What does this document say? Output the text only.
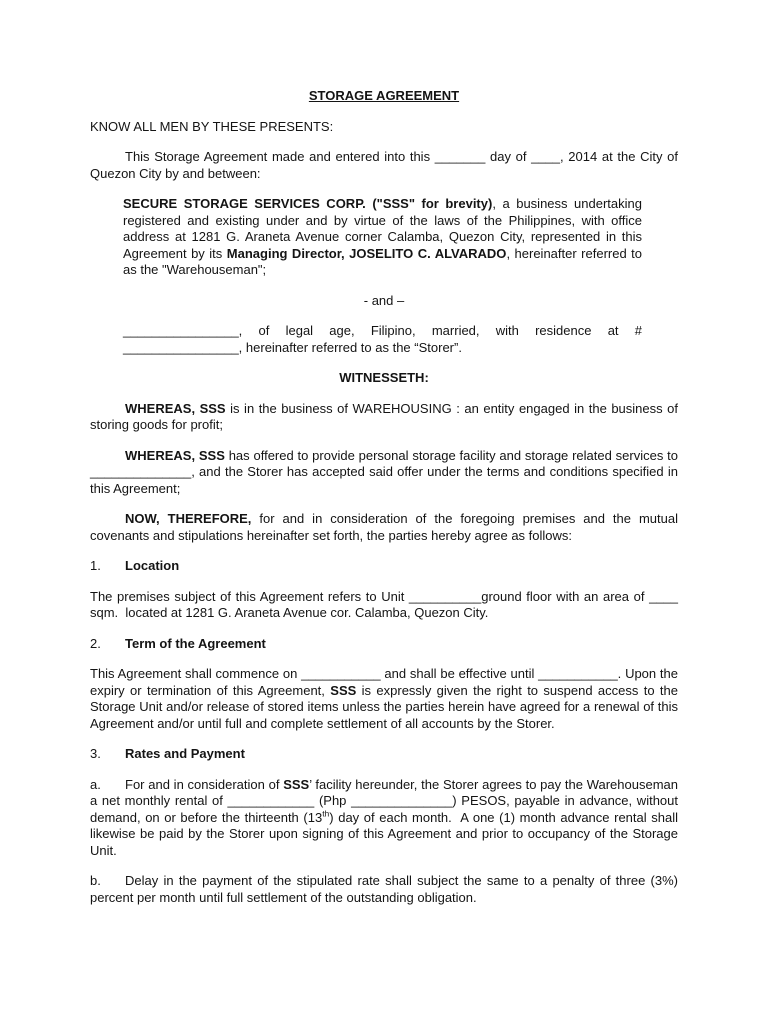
STORAGE AGREEMENT

KNOW ALL MEN BY THESE PRESENTS:

This Storage Agreement made and entered into this _______ day of ____, 2014 at the City of Quezon City by and between:

SECURE STORAGE SERVICES CORP. ("SSS" for brevity), a business undertaking registered and existing under and by virtue of the laws of the Philippines, with office address at 1281 G. Araneta Avenue corner Calamba, Quezon City, represented in this Agreement by its Managing Director, JOSELITO C. ALVARADO, hereinafter referred to as the "Warehouseman";

- and –

________________, of legal age, Filipino, married, with residence at # ________________, hereinafter referred to as the “Storer”.

WITNESSETH:

WHEREAS, SSS is in the business of WAREHOUSING : an entity engaged in the business of storing goods for profit;

WHEREAS, SSS has offered to provide personal storage facility and storage related services to ______________, and the Storer has accepted said offer under the terms and conditions specified in this Agreement;

NOW, THEREFORE, for and in consideration of the foregoing premises and the mutual covenants and stipulations hereinafter set forth, the parties hereby agree as follows:

1. Location

The premises subject of this Agreement refers to Unit __________ground floor with an area of ____ sqm.  located at 1281 G. Araneta Avenue cor. Calamba, Quezon City.

2. Term of the Agreement

This Agreement shall commence on ___________ and shall be effective until ___________. Upon the expiry or termination of this Agreement, SSS is expressly given the right to suspend access to the Storage Unit and/or release of stored items unless the parties herein have agreed for a renewal of this Agreement and/or until full and complete settlement of all accounts by the Storer.

3. Rates and Payment

a. For and in consideration of SSS’ facility hereunder, the Storer agrees to pay the Warehouseman a net monthly rental of ____________ (Php ______________) PESOS, payable in advance, without demand, on or before the thirteenth (13th) day of each month.  A one (1) month advance rental shall likewise be paid by the Storer upon signing of this Agreement and prior to occupancy of the Storage Unit.

b. Delay in the payment of the stipulated rate shall subject the same to a penalty of three (3%) percent per month until full settlement of the outstanding obligation.
